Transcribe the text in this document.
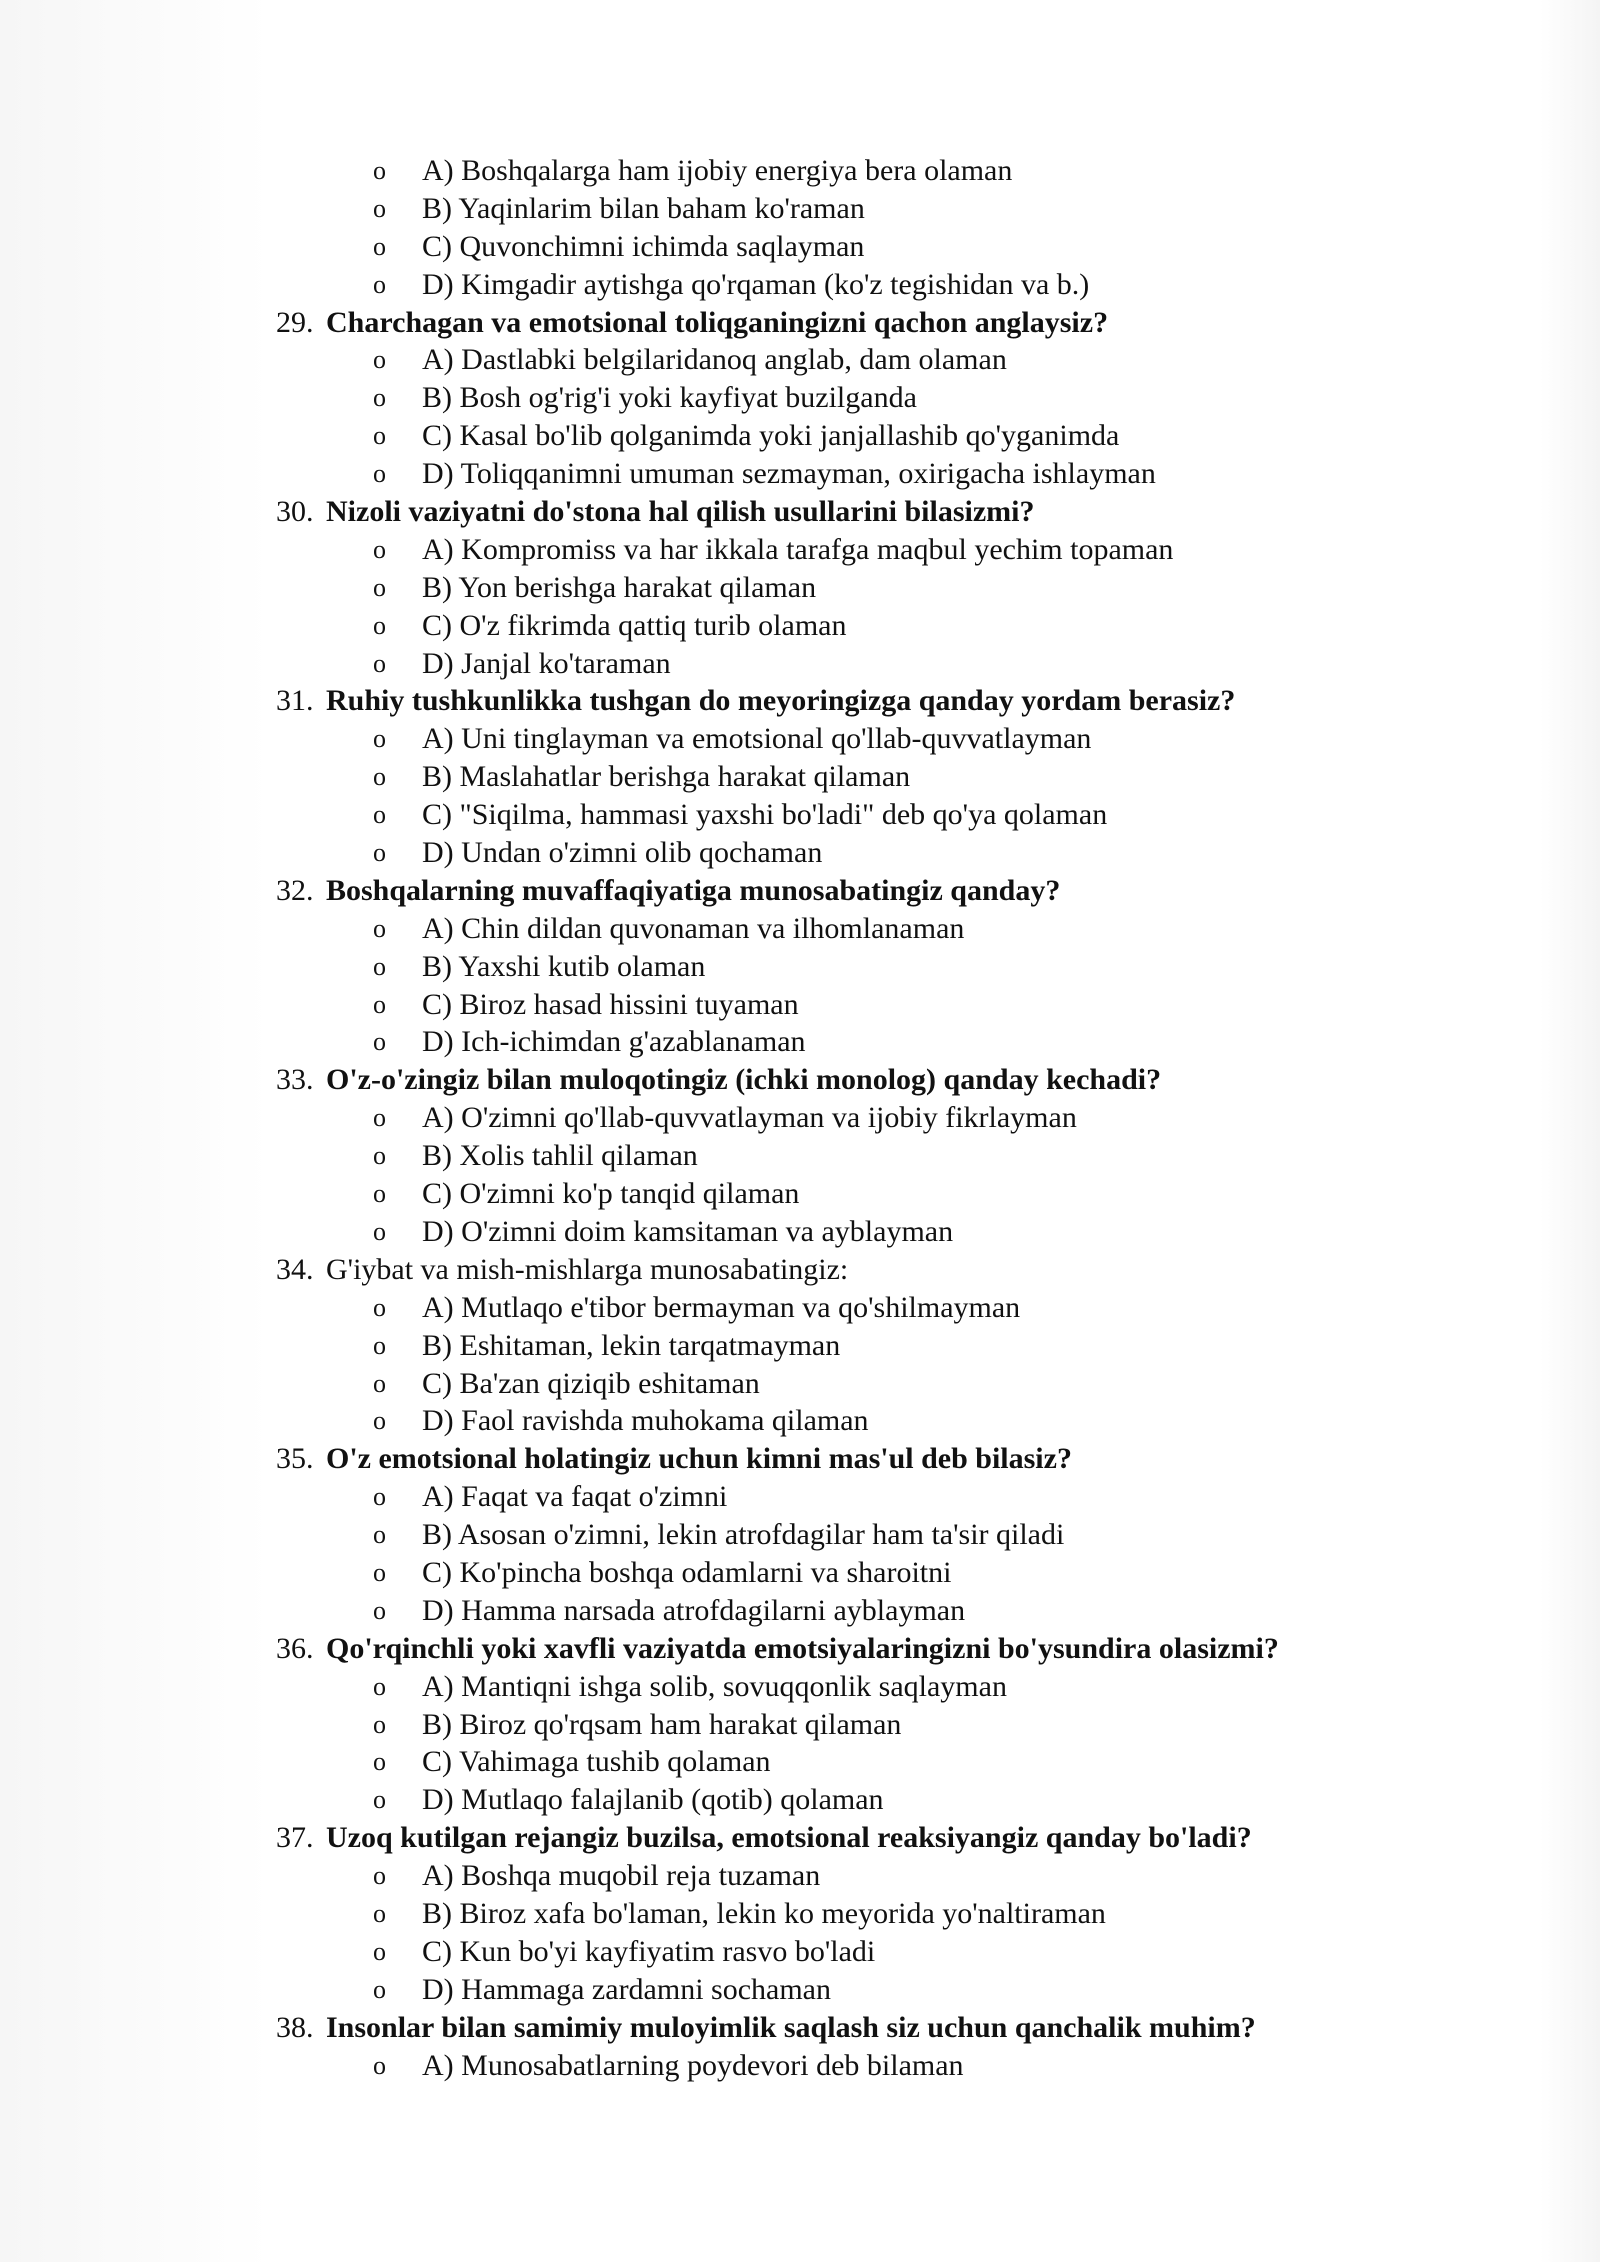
o A) Boshqalarga ham ijobiy energiya bera olaman
o B) Yaqinlarim bilan baham ko'raman
o C) Quvonchimni ichimda saqlayman
o D) Kimgadir aytishga qo'rqaman (ko'z tegishidan va b.)
29. Charchagan va emotsional toliqganingizni qachon anglaysiz?
o A) Dastlabki belgilaridanoq anglab, dam olaman
o B) Bosh og'rig'i yoki kayfiyat buzilganda
o C) Kasal bo'lib qolganimda yoki janjallashib qo'yganimda
o D) Toliqqanimni umuman sezmayman, oxirigacha ishlayman
30. Nizoli vaziyatni do'stona hal qilish usullarini bilasizmi?
o A) Kompromiss va har ikkala tarafga maqbul yechim topaman
o B) Yon berishga harakat qilaman
o C) O'z fikrimda qattiq turib olaman
o D) Janjal ko'taraman
31. Ruhiy tushkunlikka tushgan do meyoringizga qanday yordam berasiz?
o A) Uni tinglayman va emotsional qo'llab-quvvatlayman
o B) Maslahatlar berishga harakat qilaman
o C) "Siqilma, hammasi yaxshi bo'ladi" deb qo'ya qolaman
o D) Undan o'zimni olib qochaman
32. Boshqalarning muvaffaqiyatiga munosabatingiz qanday?
o A) Chin dildan quvonaman va ilhomlanaman
o B) Yaxshi kutib olaman
o C) Biroz hasad hissini tuyaman
o D) Ich-ichimdan g'azablanaman
33. O'z-o'zingiz bilan muloqotingiz (ichki monolog) qanday kechadi?
o A) O'zimni qo'llab-quvvatlayman va ijobiy fikrlayman
o B) Xolis tahlil qilaman
o C) O'zimni ko'p tanqid qilaman
o D) O'zimni doim kamsitaman va ayblayman
34. G'iybat va mish-mishlarga munosabatingiz:
o A) Mutlaqo e'tibor bermayman va qo'shilmayman
o B) Eshitaman, lekin tarqatmayman
o C) Ba'zan qiziqib eshitaman
o D) Faol ravishda muhokama qilaman
35. O'z emotsional holatingiz uchun kimni mas'ul deb bilasiz?
o A) Faqat va faqat o'zimni
o B) Asosan o'zimni, lekin atrofdagilar ham ta'sir qiladi
o C) Ko'pincha boshqa odamlarni va sharoitni
o D) Hamma narsada atrofdagilarni ayblayman
36. Qo'rqinchli yoki xavfli vaziyatda emotsiyalaringizni bo'ysundira olasizmi?
o A) Mantiqni ishga solib, sovuqqonlik saqlayman
o B) Biroz qo'rqsam ham harakat qilaman
o C) Vahimaga tushib qolaman
o D) Mutlaqo falajlanib (qotib) qolaman
37. Uzoq kutilgan rejangiz buzilsa, emotsional reaksiyangiz qanday bo'ladi?
o A) Boshqa muqobil reja tuzaman
o B) Biroz xafa bo'laman, lekin ko meyorida yo'naltiraman
o C) Kun bo'yi kayfiyatim rasvo bo'ladi
o D) Hammaga zardamni sochaman
38. Insonlar bilan samimiy muloyimlik saqlash siz uchun qanchalik muhim?
o A) Munosabatlarning poydevori deb bilaman
